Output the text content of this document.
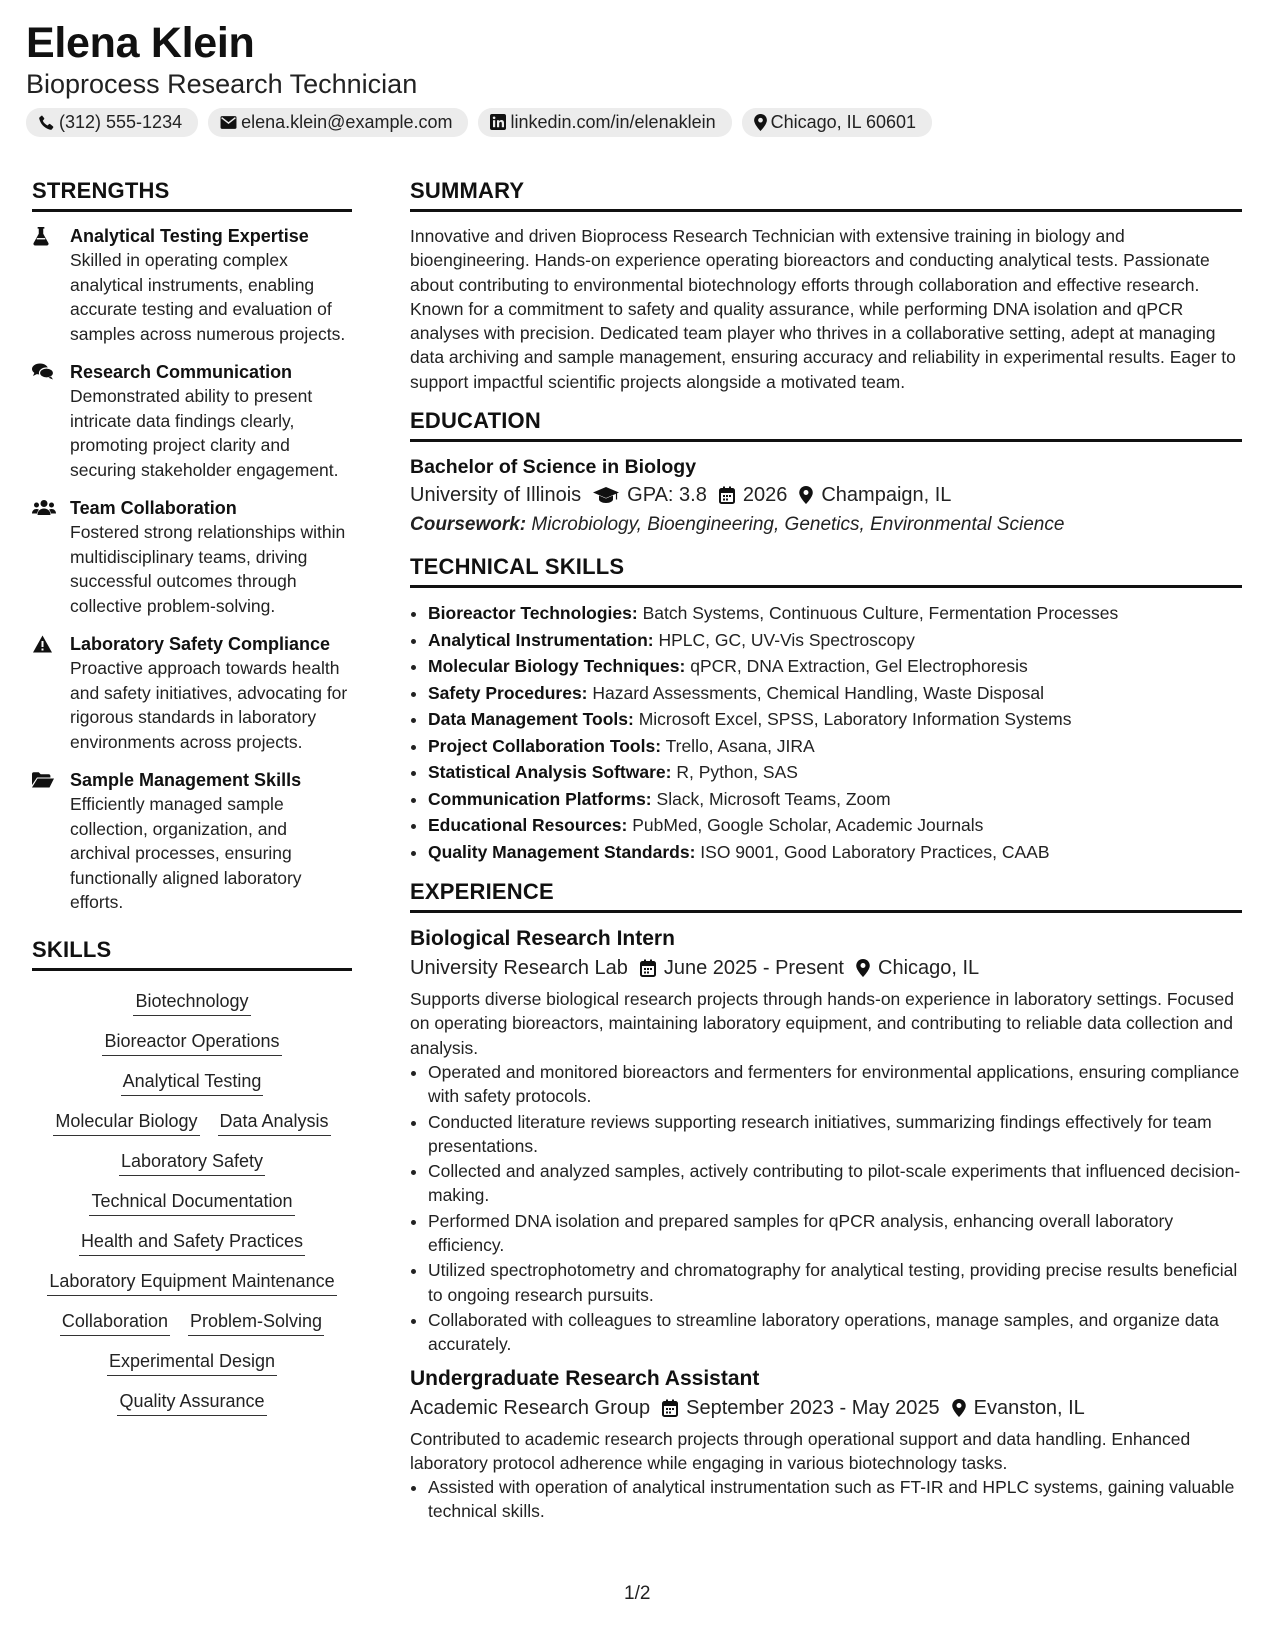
Elena Klein
Bioprocess Research Technician
(312) 555-1234	elena.klein@example.com	linkedin.com/in/elenaklein	Chicago, IL 60601
STRENGTHS
Analytical Testing Expertise
Skilled in operating complex analytical instruments, enabling accurate testing and evaluation of samples across numerous projects.
Research Communication
Demonstrated ability to present intricate data findings clearly, promoting project clarity and securing stakeholder engagement.
Team Collaboration
Fostered strong relationships within multidisciplinary teams, driving successful outcomes through collective problem-solving.
Laboratory Safety Compliance
Proactive approach towards health and safety initiatives, advocating for rigorous standards in laboratory environments across projects.
Sample Management Skills
Efficiently managed sample collection, organization, and archival processes, ensuring functionally aligned laboratory efforts.
SKILLS
Biotechnology
Bioreactor Operations
Analytical Testing
Molecular Biology Data Analysis
Laboratory Safety
Technical Documentation
Health and Safety Practices
Laboratory Equipment Maintenance
Collaboration Problem-Solving
Experimental Design
Quality Assurance
SUMMARY

Innovative and driven Bioprocess Research Technician with extensive training in biology and bioengineering. Hands-on experience operating bioreactors and conducting analytical tests. Passionate about contributing to environmental biotechnology efforts through collaboration and effective research. Known for a commitment to safety and quality assurance, while performing DNA isolation and qPCR analyses with precision. Dedicated team player who thrives in a collaborative setting, adept at managing data archiving and sample management, ensuring accuracy and reliability in experimental results. Eager to support impactful scientific projects alongside a motivated team.

EDUCATION
Bachelor of Science in Biology
University of Illinois GPA: 3.8 2026 Champaign, IL
Coursework: Microbiology, Bioengineering, Genetics, Environmental Science
TECHNICAL SKILLS
• Bioreactor Technologies: Batch Systems, Continuous Culture, Fermentation Processes
• Analytical Instrumentation: HPLC, GC, UV-Vis Spectroscopy
• Molecular Biology Techniques: qPCR, DNA Extraction, Gel Electrophoresis
• Safety Procedures: Hazard Assessments, Chemical Handling, Waste Disposal
• Data Management Tools: Microsoft Excel, SPSS, Laboratory Information Systems
• Project Collaboration Tools: Trello, Asana, JIRA
• Statistical Analysis Software: R, Python, SAS
• Communication Platforms: Slack, Microsoft Teams, Zoom
• Educational Resources: PubMed, Google Scholar, Academic Journals
• Quality Management Standards: ISO 9001, Good Laboratory Practices, CAAB
EXPERIENCE
Biological Research Intern
University Research Lab June 2025 - Present Chicago, IL
Supports diverse biological research projects through hands-on experience in laboratory settings. Focused on operating bioreactors, maintaining laboratory equipment, and contributing to reliable data collection and analysis.
• Operated and monitored bioreactors and fermenters for environmental applications, ensuring compliance with safety protocols.
• Conducted literature reviews supporting research initiatives, summarizing findings effectively for team presentations.
• Collected and analyzed samples, actively contributing to pilot-scale experiments that influenced decision-making.
• Performed DNA isolation and prepared samples for qPCR analysis, enhancing overall laboratory efficiency.
• Utilized spectrophotometry and chromatography for analytical testing, providing precise results beneficial to ongoing research pursuits.
• Collaborated with colleagues to streamline laboratory operations, manage samples, and organize data accurately.
Undergraduate Research Assistant
Academic Research Group September 2023 - May 2025 Evanston, IL
Contributed to academic research projects through operational support and data handling. Enhanced laboratory protocol adherence while engaging in various biotechnology tasks.
• Assisted with operation of analytical instrumentation such as FT-IR and HPLC systems, gaining valuable technical skills.
1/2
